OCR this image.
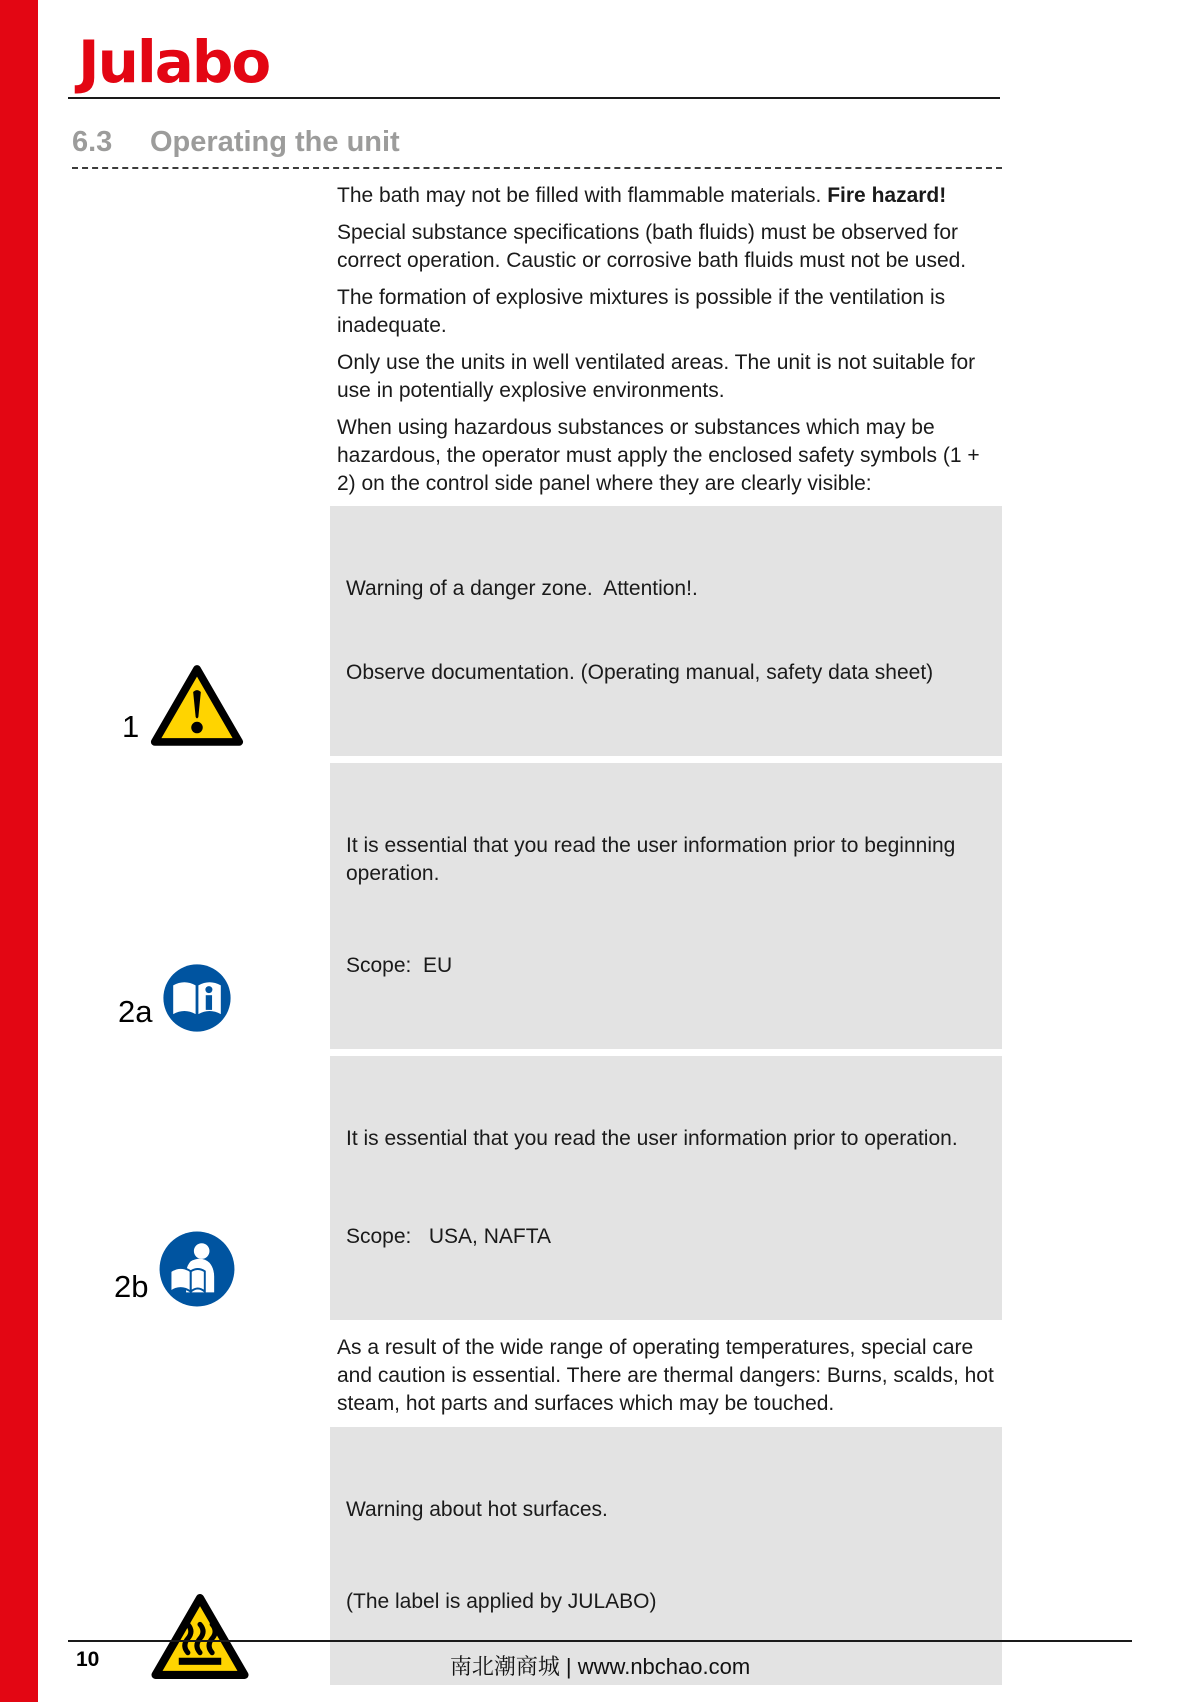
Julabo
6.3 Operating the unit

The bath may not be filled with flammable materials. Fire hazard!

Special substance specifications (bath fluids) must be observed for correct operation. Caustic or corrosive bath fluids must not be used.

The formation of explosive mixtures is possible if the ventilation is inadequate.

Only use the units in well ventilated areas. The unit is not suitable for use in potentially explosive environments.

When using hazardous substances or substances which may be hazardous, the operator must apply the enclosed safety symbols (1 + 2) on the control side panel where they are clearly visible:

1

Warning of a danger zone.  Attention!.

Observe documentation. (Operating manual, safety data sheet)

2a

It is essential that you read the user information prior to beginning operation.

Scope:  EU

2b

It is essential that you read the user information prior to operation.

Scope:   USA, NAFTA

As a result of the wide range of operating temperatures, special care and caution is essential. There are thermal dangers: Burns, scalds, hot steam, hot parts and surfaces which may be touched.

Warning about hot surfaces.

(The label is applied by JULABO)

10	南北潮商城 | www.nbchao.com
